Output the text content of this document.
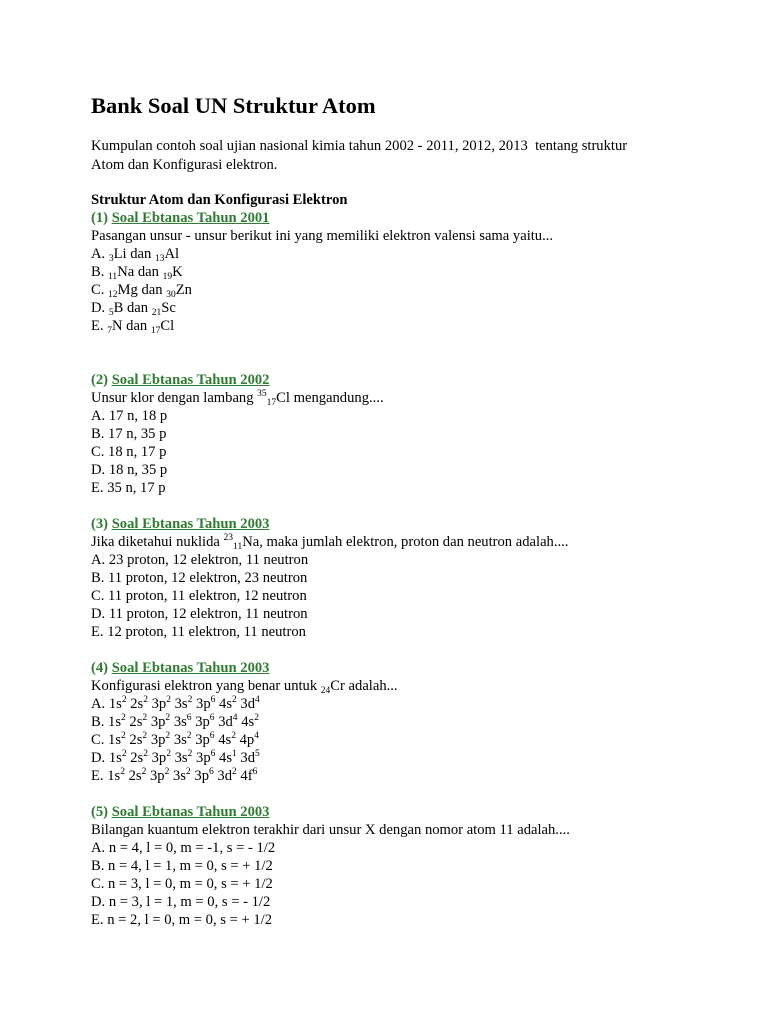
Bank Soal UN Struktur Atom

Kumpulan contoh soal ujian nasional kimia tahun 2002 - 2011, 2012, 2013  tentang struktur

Atom dan Konfigurasi elektron.

Struktur Atom dan Konfigurasi Elektron
(1) Soal Ebtanas Tahun 2001
Pasangan unsur - unsur berikut ini yang memiliki elektron valensi sama yaitu...
A. $_3$Li dan $_{13}$Al
B. $_{11}$Na dan $_{19}$K
C. $_{12}$Mg dan $_{30}$Zn
D. $_5$B dan $_{21}$Sc
E. $_7$N dan $_{17}$Cl
(2) Soal Ebtanas Tahun 2002
Unsur klor dengan lambang $^{35}_{17}$Cl mengandung....
A. 17 n, 18 p
B. 17 n, 35 p
C. 18 n, 17 p
D. 18 n, 35 p
E. 35 n, 17 p
(3) Soal Ebtanas Tahun 2003
Jika diketahui nuklida $^{23}_{11}$Na, maka jumlah elektron, proton dan neutron adalah....
A. 23 proton, 12 elektron, 11 neutron
B. 11 proton, 12 elektron, 23 neutron
C. 11 proton, 11 elektron, 12 neutron
D. 11 proton, 12 elektron, 11 neutron
E. 12 proton, 11 elektron, 11 neutron
(4) Soal Ebtanas Tahun 2003
Konfigurasi elektron yang benar untuk $_{24}$Cr adalah...
A. $1s^2$ $2s^2$ $3p^2$ $3s^2$ $3p^6$ $4s^2$ $3d^4$
B. $1s^2$ $2s^2$ $3p^2$ $3s^6$ $3p^6$ $3d^4$ $4s^2$
C. $1s^2$ $2s^2$ $3p^2$ $3s^2$ $3p^6$ $4s^2$ $4p^4$
D. $1s^2$ $2s^2$ $3p^2$ $3s^2$ $3p^6$ $4s^1$ $3d^5$
E. $1s^2$ $2s^2$ $3p^2$ $3s^2$ $3p^6$ $3d^2$ $4f^6$
(5) Soal Ebtanas Tahun 2003
Bilangan kuantum elektron terakhir dari unsur X dengan nomor atom 11 adalah....
A. n = 4, l = 0, m = -1, s = - 1/2
B. n = 4, l = 1, m = 0, s = + 1/2
C. n = 3, l = 0, m = 0, s = + 1/2
D. n = 3, l = 1, m = 0, s = - 1/2
E. n = 2, l = 0, m = 0, s = + 1/2
